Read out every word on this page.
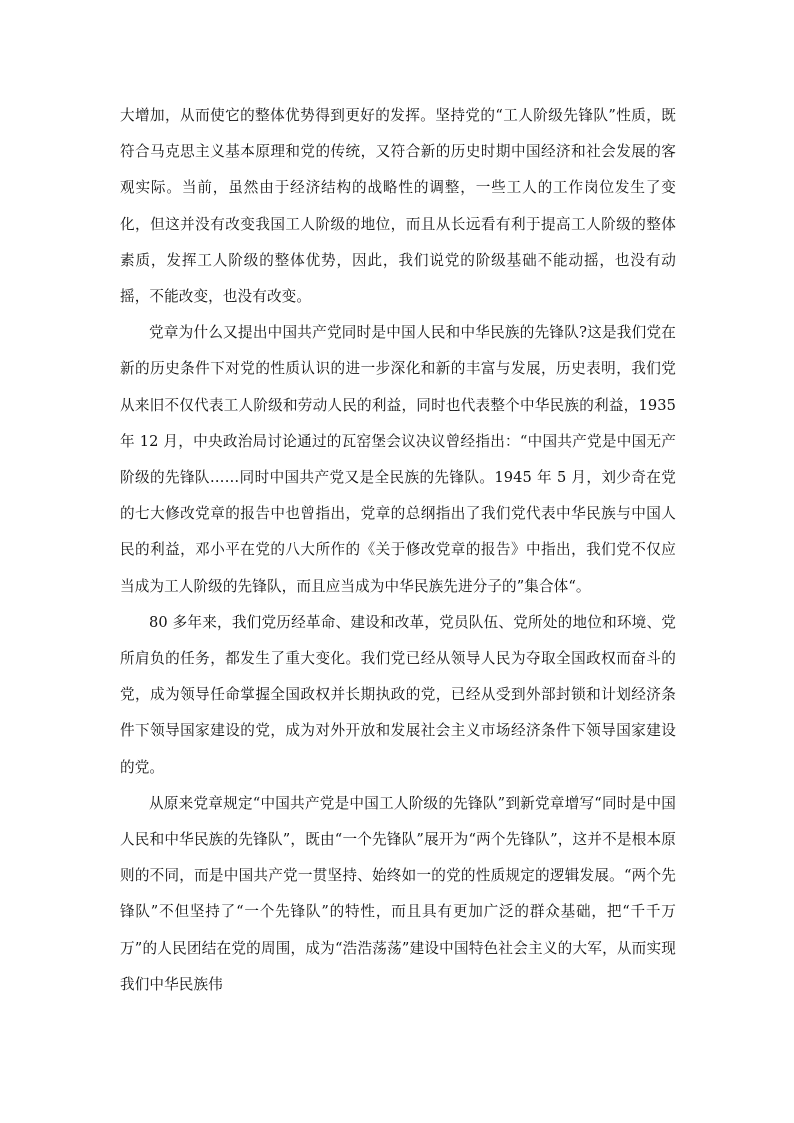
大增加，从而使它的整体优势得到更好的发挥。坚持党的“工人阶级先锋队”性质，既符合马克思主义基本原理和党的传统，又符合新的历史时期中国经济和社会发展的客观实际。当前，虽然由于经济结构的战略性的调整，一些工人的工作岗位发生了变化，但这并没有改变我国工人阶级的地位，而且从长远看有利于提高工人阶级的整体素质，发挥工人阶级的整体优势，因此，我们说党的阶级基础不能动摇，也没有动摇，不能改变，也没有改变。

党章为什么又提出中国共产党同时是中国人民和中华民族的先锋队?这是我们党在新的历史条件下对党的性质认识的进一步深化和新的丰富与发展，历史表明，我们党从来旧不仅代表工人阶级和劳动人民的利益，同时也代表整个中华民族的利益，1935 年 12 月，中央政治局讨论通过的瓦窑堡会议决议曾经指出：“中国共产党是中国无产阶级的先锋队……同时中国共产党又是全民族的先锋队。1945 年 5 月，刘少奇在党的七大修改党章的报告中也曾指出，党章的总纲指出了我们党代表中华民族与中国人民的利益，邓小平在党的八大所作的《关于修改党章的报告》中指出，我们党不仅应当成为工人阶级的先锋队，而且应当成为中华民族先进分子的”集合体“。

80 多年来，我们党历经革命、建设和改革，党员队伍、党所处的地位和环境、党所肩负的任务，都发生了重大变化。我们党已经从领导人民为夺取全国政权而奋斗的党，成为领导任命掌握全国政权并长期执政的党，已经从受到外部封锁和计划经济条件下领导国家建设的党，成为对外开放和发展社会主义市场经济条件下领导国家建设的党。

从原来党章规定“中国共产党是中国工人阶级的先锋队”到新党章增写“同时是中国人民和中华民族的先锋队”，既由“一个先锋队”展开为“两个先锋队”，这并不是根本原则的不同，而是中国共产党一贯坚持、始终如一的党的性质规定的逻辑发展。“两个先锋队”不但坚持了“一个先锋队”的特性，而且具有更加广泛的群众基础，把“千千万万”的人民团结在党的周围，成为“浩浩荡荡”建设中国特色社会主义的大军，从而实现我们中华民族伟
